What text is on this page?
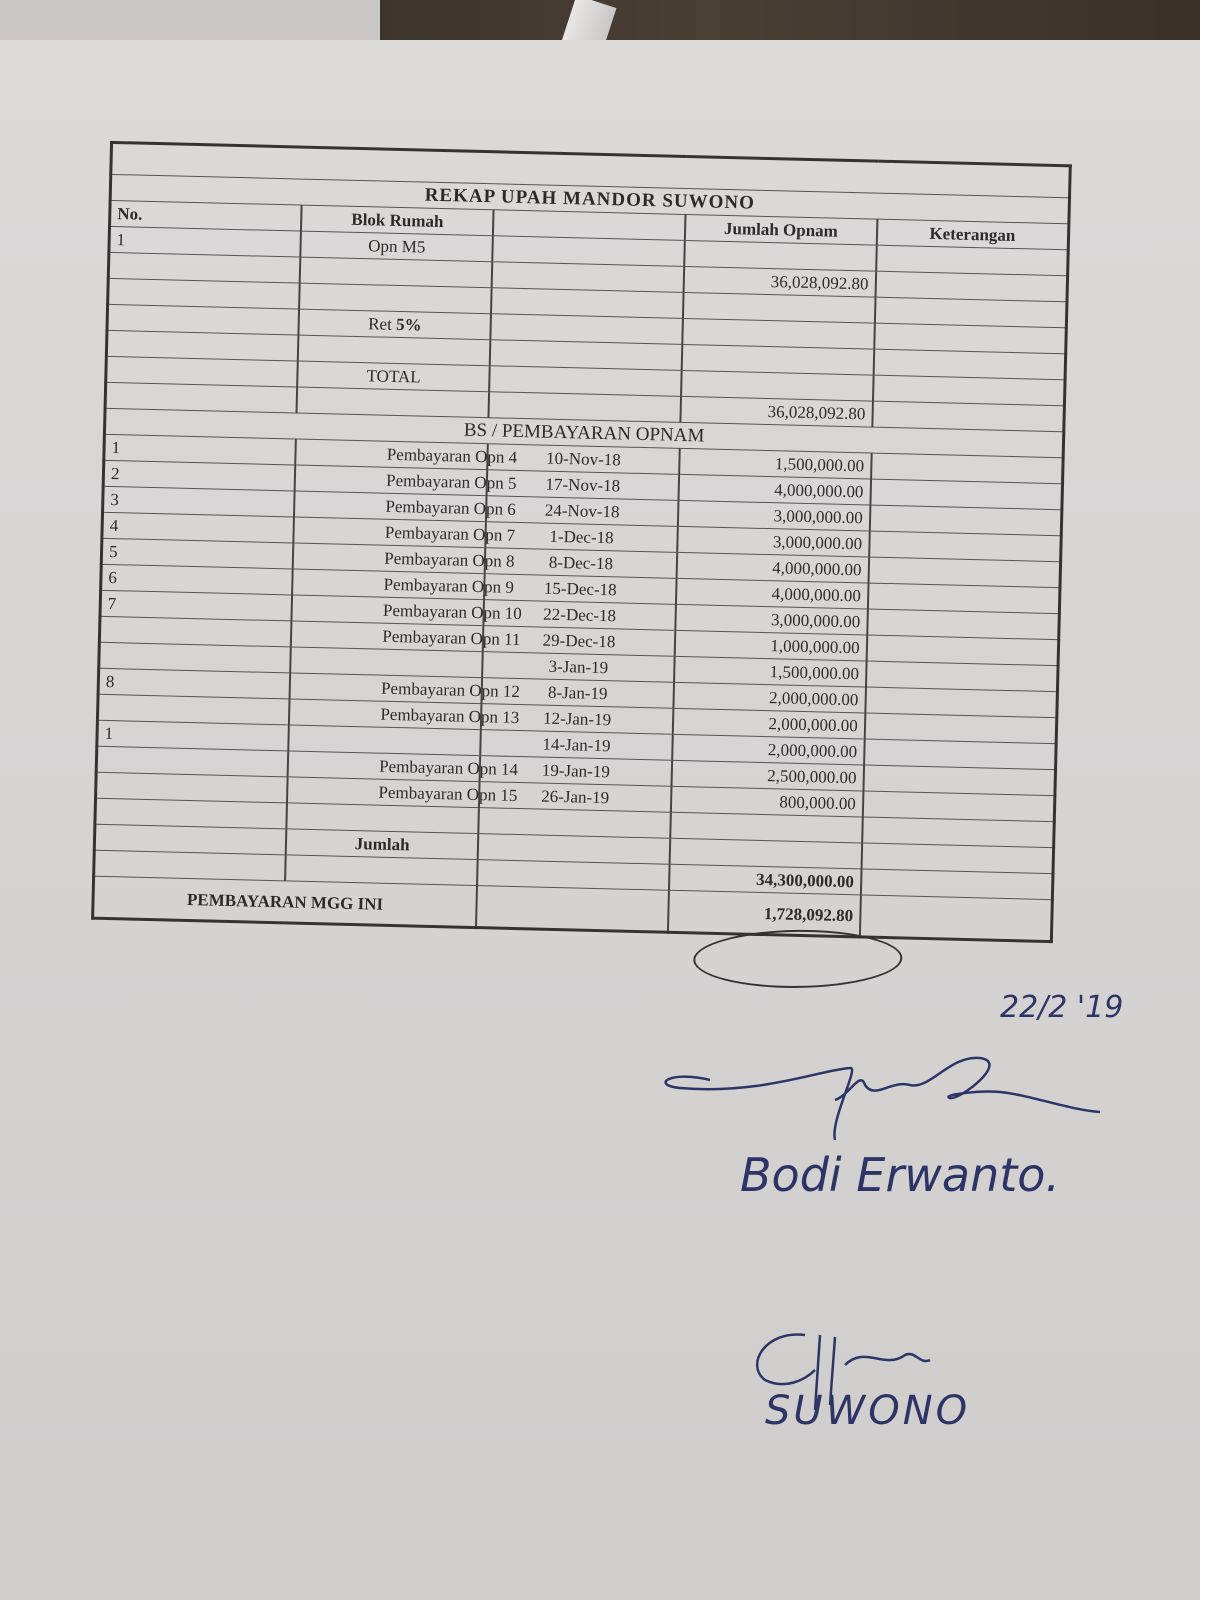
REKAP UPAH MANDOR SUWONO				
No.	Blok Rumah		Jumlah Opnam	Keterangan
1	Opn M5			
			36,028,092.80	

	Ret 5%			

	TOTAL			
			36,028,092.80	
BS / PEMBAYARAN OPNAM				
1	Pembayaran Opn 4	10-Nov-18	1,500,000.00	
2	Pembayaran Opn 5	17-Nov-18	4,000,000.00	
3	Pembayaran Opn 6	24-Nov-18	3,000,000.00	
4	Pembayaran Opn 7	1-Dec-18	3,000,000.00	
5	Pembayaran Opn 8	8-Dec-18	4,000,000.00	
6	Pembayaran Opn 9	15-Dec-18	4,000,000.00	
7	Pembayaran Opn 10	22-Dec-18	3,000,000.00	
	Pembayaran Opn 11	29-Dec-18	1,000,000.00	
		3-Jan-19	1,500,000.00	
8	Pembayaran Opn 12	8-Jan-19	2,000,000.00	
	Pembayaran Opn 13	12-Jan-19	2,000,000.00	
1		14-Jan-19	2,000,000.00	
	Pembayaran Opn 14	19-Jan-19	2,500,000.00	
	Pembayaran Opn 15	26-Jan-19	800,000.00	

	Jumlah			
			34,300,000.00	
PEMBAYARAN MGG INI			1,728,092.80	
22/2 '19
Bodi Erwanto.
SUWONO
